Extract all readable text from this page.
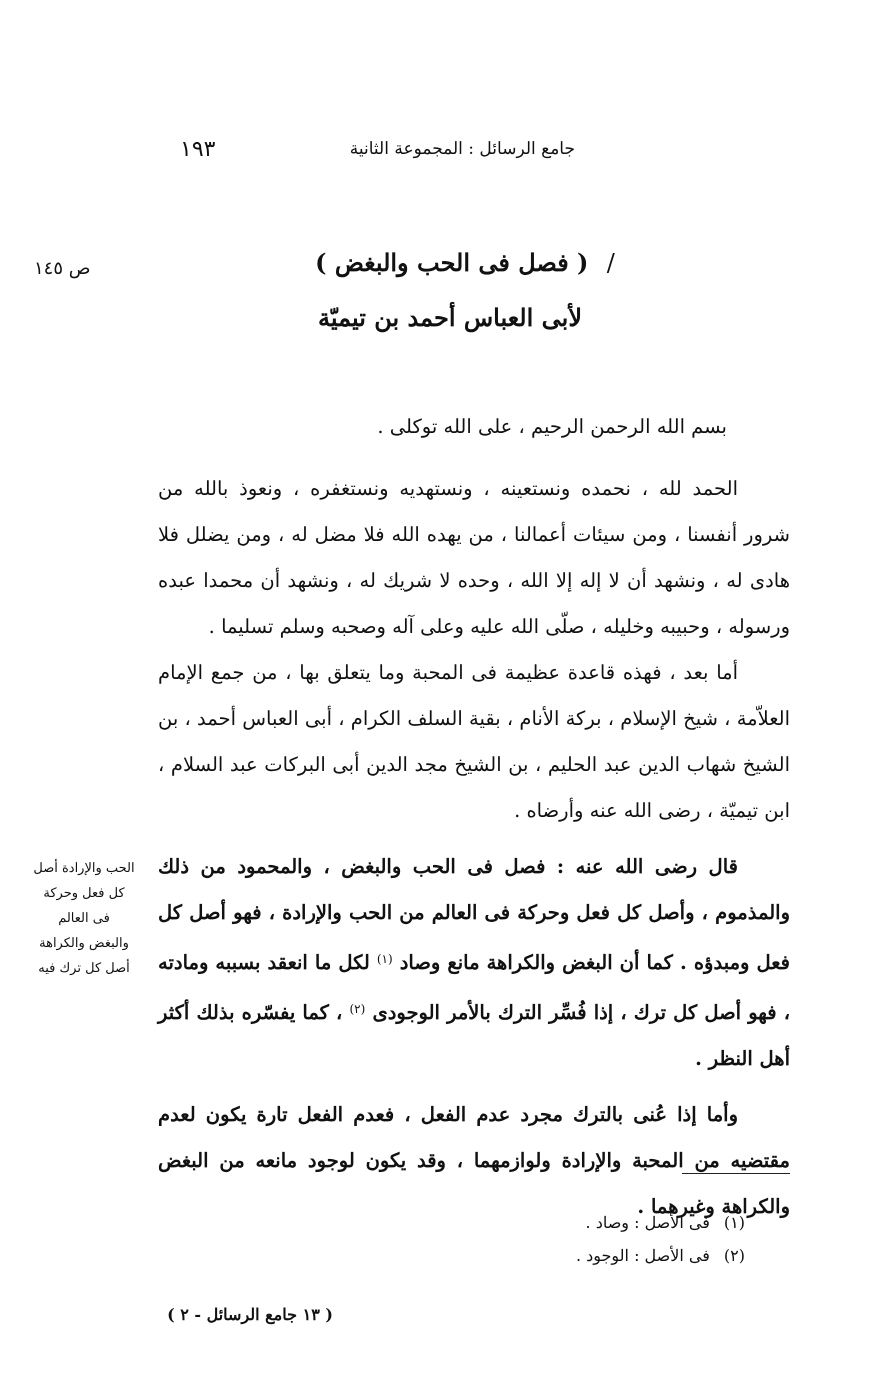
جامع الرسائل : المجموعة الثانية
١٩٣
ص ١٤٥	/ ( فصل فى الحب والبغض )
لأبى العباس أحمد بن تيميّة

بسم الله الرحمن الرحيم ، على الله توكلى .

الحمد لله ، نحمده ونستعينه ، ونستهديه ونستغفره ، ونعوذ بالله من شرور أنفسنا ، ومن سيئات أعمالنا ، من يهده الله فلا مضل له ، ومن يضلل فلا هادى له ، ونشهد أن لا إله إلا الله ، وحده لا شريك له ، ونشهد أن محمدا عبده ورسوله ، وحبيبه وخليله ، صلّى الله عليه وعلى آله وصحبه وسلم تسليما .

أما بعد ، فهذه قاعدة عظيمة فى المحبة وما يتعلق بها ، من جمع الإمام العلاّمة ، شيخ الإسلام ، بركة الأنام ، بقية السلف الكرام ، أبى العباس أحمد ، بن الشيخ شهاب الدين عبد الحليم ، بن الشيخ مجد الدين أبى البركات عبد السلام ، ابن تيميّة ، رضى الله عنه وأرضاه .

قال رضى الله عنه : فصل فى الحب والبغض ، والمحمود من ذلك والمذموم ، وأصل كل فعل وحركة فى العالم من الحب والإرادة ، فهو أصل كل فعل ومبدؤه . كما أن البغض والكراهة مانع وصاد $^{(١)}$ لكل ما انعقد بسببه ومادته ، فهو أصل كل ترك ، إذا فُسِّر الترك بالأمر الوجودى $^{(٢)}$ ، كما يفسّره بذلك أكثر أهل النظر .

وأما إذا عُنى بالترك مجرد عدم الفعل ، فعدم الفعل تارة يكون لعدم مقتضيه من المحبة والإرادة ولوازمهما ، وقد يكون لوجود مانعه من البغض والكراهة وغيرهما .

الحب والإرادة أصل
كل فعل وحركة
فى العالم
والبغض والكراهة
أصل كل ترك فيه
(١) فى الأصل : وصاد .
(٢) فى الأصل : الوجود .
( ١٣ جامع الرسائل - ٢ )
